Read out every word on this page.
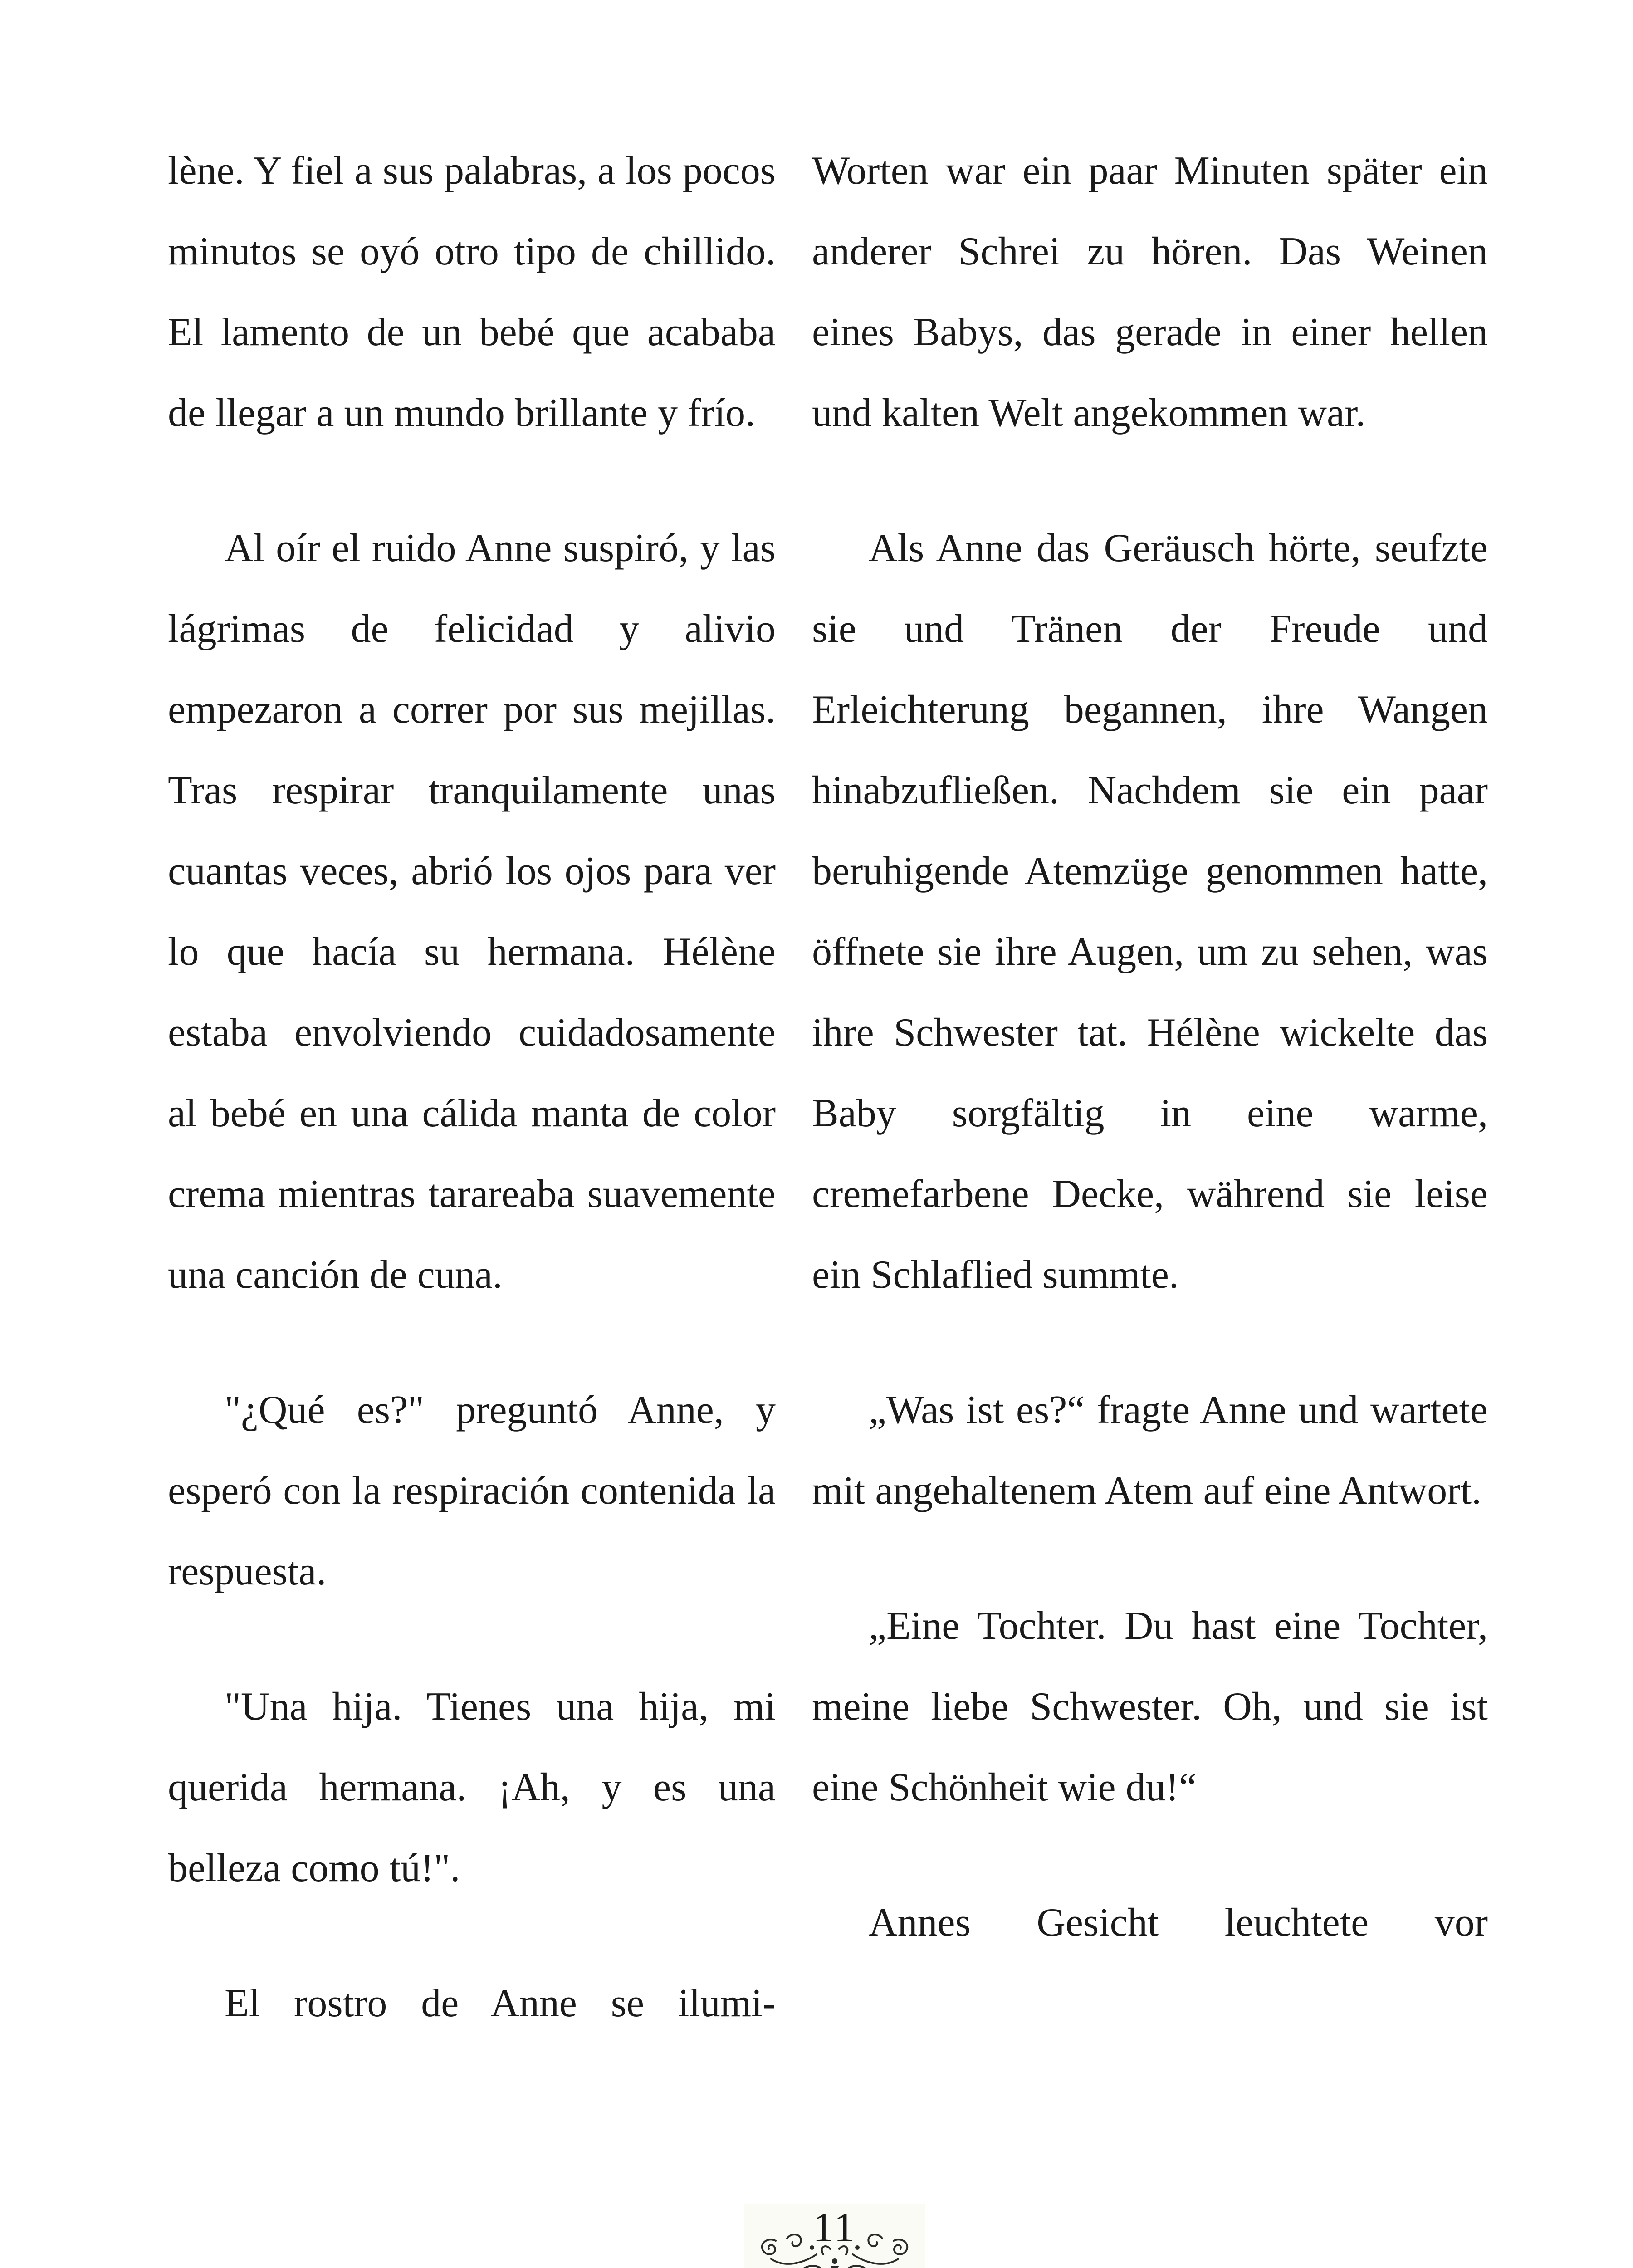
lène. Y fiel a sus palabras, a los pocos minutos se oyó otro tipo de chillido. El lamento de un bebé que acababa de llegar a un mundo brillante y frío.

Al oír el ruido Anne suspiró, y las lágrimas de felicidad y alivio empezaron a correr por sus mejillas. Tras respirar tranquilamente unas cuantas veces, abrió los ojos para ver lo que hacía su hermana. Hélène estaba envolviendo cuidadosamente al bebé en una cálida manta de color crema mientras tarareaba suavemente una canción de cuna.

"¿Qué es?" preguntó Anne, y esperó con la respiración contenida la respuesta.

"Una hija. Tienes una hija, mi querida hermana. ¡Ah, y es una belleza como tú!".

El rostro de Anne se ilumi-

Worten war ein paar Minuten später ein anderer Schrei zu hören. Das Weinen eines Babys, das gerade in einer hellen und kalten Welt angekommen war.

Als Anne das Geräusch hörte, seufzte sie und Tränen der Freude und Erleichterung begannen, ihre Wangen hinabzufließen. Nachdem sie ein paar beruhigende Atemzüge genommen hatte, öffnete sie ihre Augen, um zu sehen, was ihre Schwester tat. Hélène wickelte das Baby sorgfältig in eine warme, cremefarbene Decke, während sie leise ein Schlaflied summte.

„Was ist es?“ fragte Anne und wartete mit angehaltenem Atem auf eine Antwort.

„Eine Tochter. Du hast eine Tochter, meine liebe Schwester. Oh, und sie ist eine Schönheit wie du!“

Annes Gesicht leuchtete vor

11
